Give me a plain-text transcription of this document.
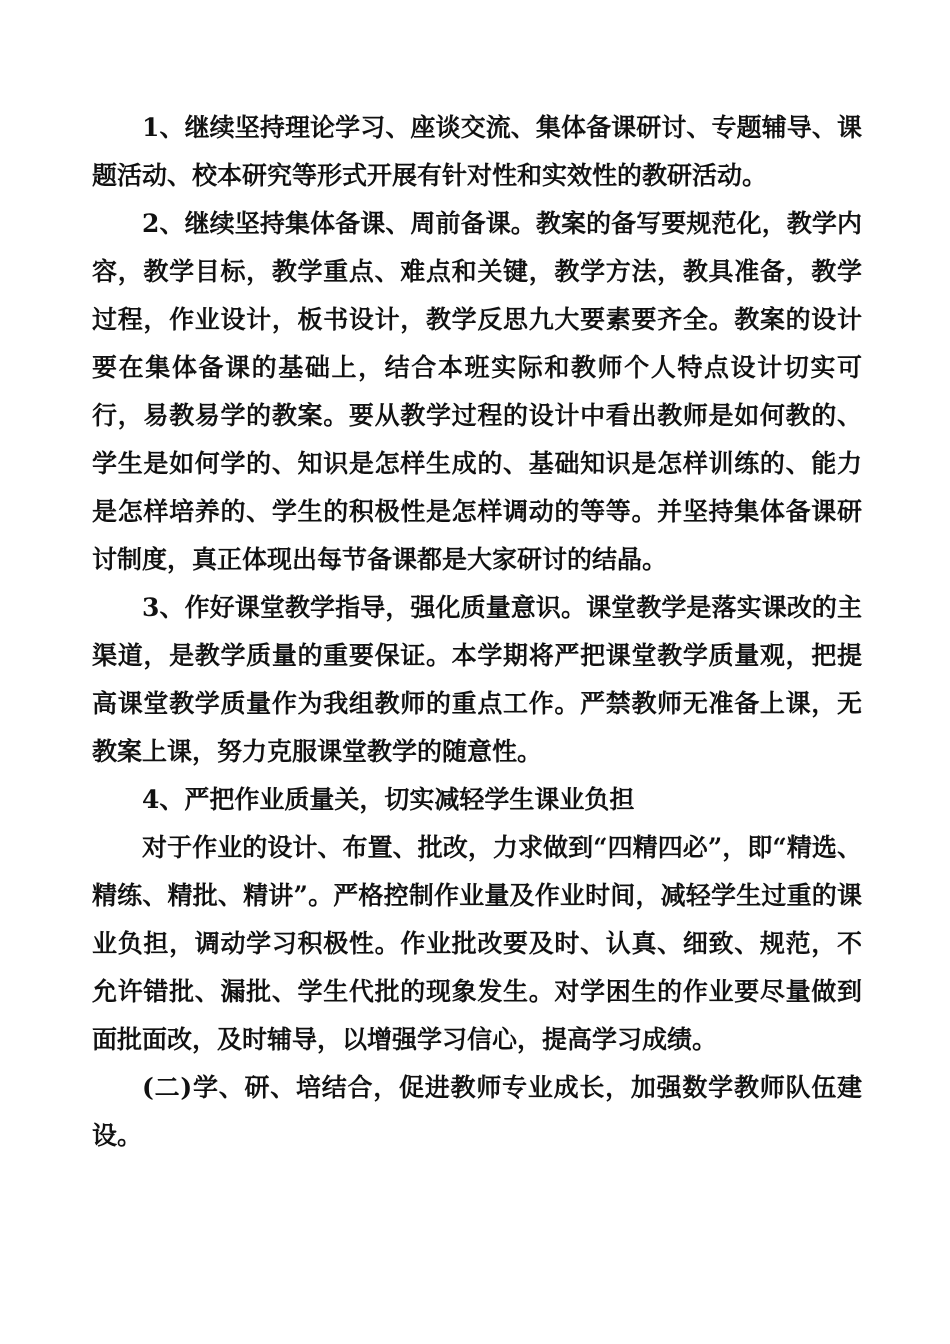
1、继续坚持理论学习、座谈交流、集体备课研讨、专题辅导、课题活动、校本研究等形式开展有针对性和实效性的教研活动。

2、继续坚持集体备课、周前备课。教案的备写要规范化，教学内容，教学目标，教学重点、难点和关键，教学方法，教具准备，教学过程，作业设计，板书设计，教学反思九大要素要齐全。教案的设计要在集体备课的基础上，结合本班实际和教师个人特点设计切实可行，易教易学的教案。要从教学过程的设计中看出教师是如何教的、学生是如何学的、知识是怎样生成的、基础知识是怎样训练的、能力是怎样培养的、学生的积极性是怎样调动的等等。并坚持集体备课研讨制度，真正体现出每节备课都是大家研讨的结晶。

3、作好课堂教学指导，强化质量意识。课堂教学是落实课改的主渠道，是教学质量的重要保证。本学期将严把课堂教学质量观，把提高课堂教学质量作为我组教师的重点工作。严禁教师无准备上课，无教案上课，努力克服课堂教学的随意性。

4、严把作业质量关，切实减轻学生课业负担

对于作业的设计、布置、批改，力求做到“四精四必”，即“精选、精练、精批、精讲”。严格控制作业量及作业时间，减轻学生过重的课业负担，调动学习积极性。作业批改要及时、认真、细致、规范，不允许错批、漏批、学生代批的现象发生。对学困生的作业要尽量做到面批面改，及时辅导，以增强学习信心，提高学习成绩。

(二)学、研、培结合，促进教师专业成长，加强数学教师队伍建设。
